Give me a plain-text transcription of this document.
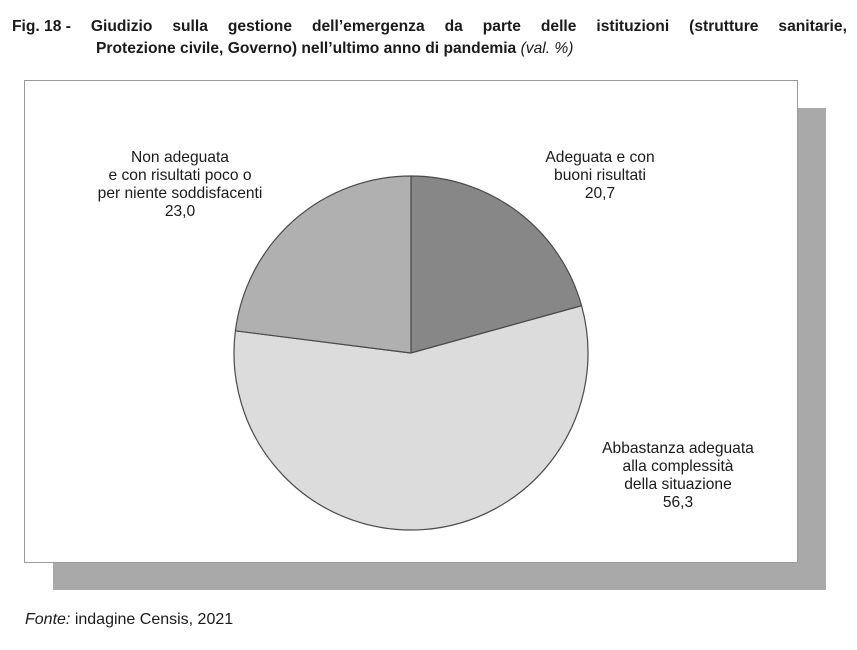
Fig. 18 - Giudizio sulla gestione dell’emergenza da parte delle istituzioni (strutture sanitarie,
Protezione civile, Governo) nell’ultimo anno di pandemia (val. %)
Adeguata e con
buoni risultati
20,7
Abbastanza adeguata
alla complessità
della situazione
56,3
Non adeguata
e con risultati poco o
per niente soddisfacenti
23,0
Fonte: indagine Censis, 2021
